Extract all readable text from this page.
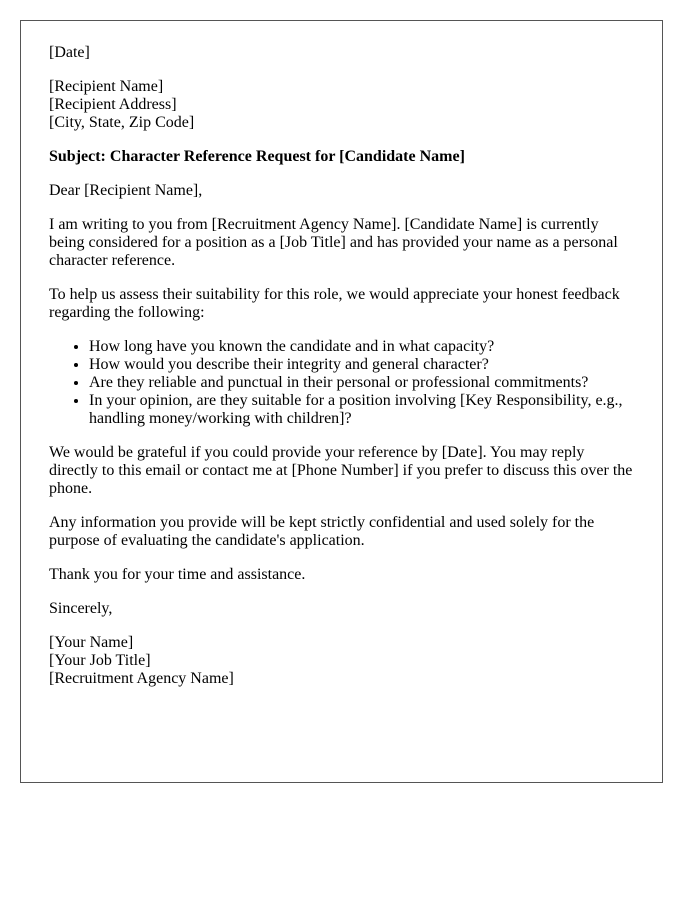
[Date]

[Recipient Name]
[Recipient Address]
[City, State, Zip Code]

Subject: Character Reference Request for [Candidate Name]

Dear [Recipient Name],

I am writing to you from [Recruitment Agency Name]. [Candidate Name] is currently being considered for a position as a [Job Title] and has provided your name as a personal character reference.

To help us assess their suitability for this role, we would appreciate your honest feedback regarding the following:

• How long have you known the candidate and in what capacity?
• How would you describe their integrity and general character?
• Are they reliable and punctual in their personal or professional commitments?
• In your opinion, are they suitable for a position involving [Key Responsibility, e.g., handling money/working with children]?

We would be grateful if you could provide your reference by [Date]. You may reply directly to this email or contact me at [Phone Number] if you prefer to discuss this over the phone.

Any information you provide will be kept strictly confidential and used solely for the purpose of evaluating the candidate's application.

Thank you for your time and assistance.

Sincerely,

[Your Name]
[Your Job Title]
[Recruitment Agency Name]
